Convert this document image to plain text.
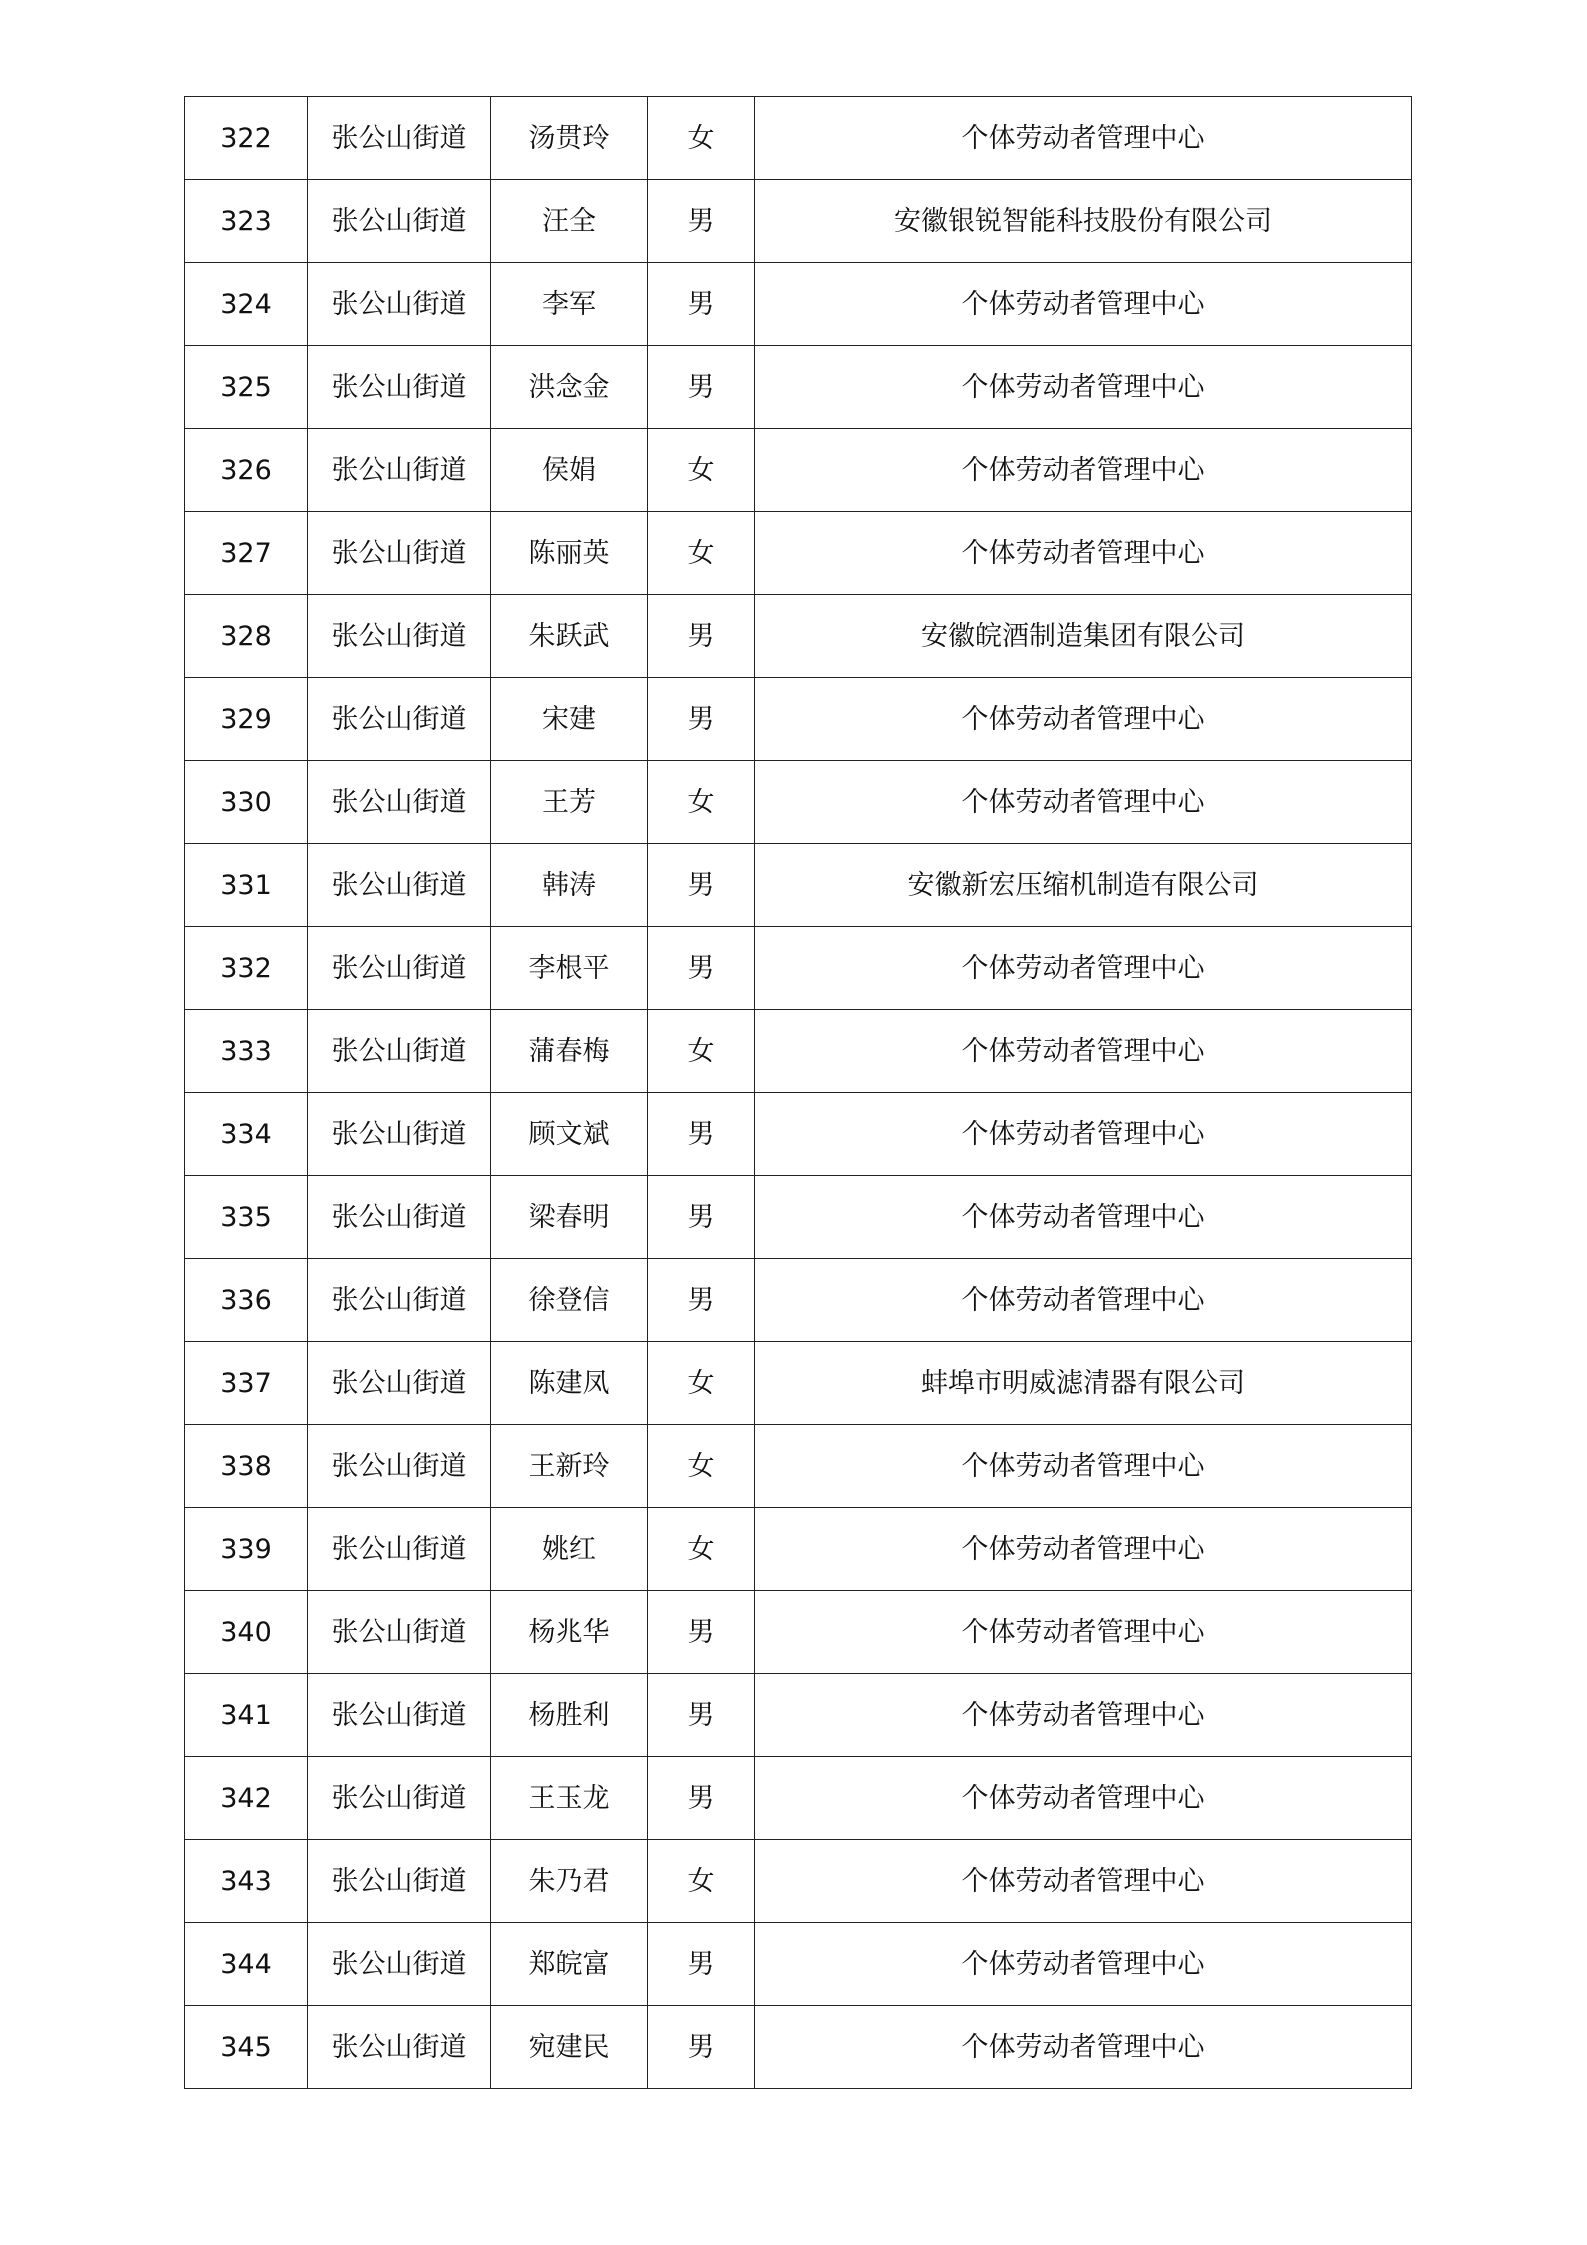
322	张公山街道	汤贯玲	女	个体劳动者管理中心
323	张公山街道	汪全	男	安徽银锐智能科技股份有限公司
324	张公山街道	李军	男	个体劳动者管理中心
325	张公山街道	洪念金	男	个体劳动者管理中心
326	张公山街道	侯娟	女	个体劳动者管理中心
327	张公山街道	陈丽英	女	个体劳动者管理中心
328	张公山街道	朱跃武	男	安徽皖酒制造集团有限公司
329	张公山街道	宋建	男	个体劳动者管理中心
330	张公山街道	王芳	女	个体劳动者管理中心
331	张公山街道	韩涛	男	安徽新宏压缩机制造有限公司
332	张公山街道	李根平	男	个体劳动者管理中心
333	张公山街道	蒲春梅	女	个体劳动者管理中心
334	张公山街道	顾文斌	男	个体劳动者管理中心
335	张公山街道	梁春明	男	个体劳动者管理中心
336	张公山街道	徐登信	男	个体劳动者管理中心
337	张公山街道	陈建凤	女	蚌埠市明威滤清器有限公司
338	张公山街道	王新玲	女	个体劳动者管理中心
339	张公山街道	姚红	女	个体劳动者管理中心
340	张公山街道	杨兆华	男	个体劳动者管理中心
341	张公山街道	杨胜利	男	个体劳动者管理中心
342	张公山街道	王玉龙	男	个体劳动者管理中心
343	张公山街道	朱乃君	女	个体劳动者管理中心
344	张公山街道	郑皖富	男	个体劳动者管理中心
345	张公山街道	宛建民	男	个体劳动者管理中心
